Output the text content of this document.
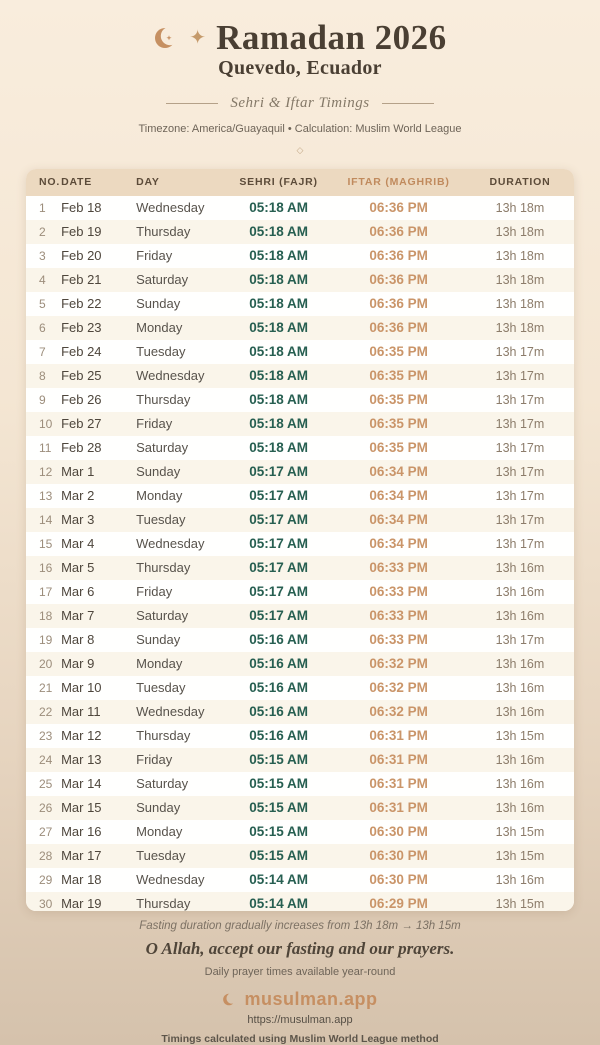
✦ Ramadan 2026
Quevedo, Ecuador
Sehri & Iftar Timings
Timezone: America/Guayaquil • Calculation: Muslim World League
◇
NO.	DATE	DAY	SEHRI (FAJR)	IFTAR (MAGHRIB)	DURATION
1	Feb 18	Wednesday	05:18 AM	06:36 PM	13h 18m
2	Feb 19	Thursday	05:18 AM	06:36 PM	13h 18m
3	Feb 20	Friday	05:18 AM	06:36 PM	13h 18m
4	Feb 21	Saturday	05:18 AM	06:36 PM	13h 18m
5	Feb 22	Sunday	05:18 AM	06:36 PM	13h 18m
6	Feb 23	Monday	05:18 AM	06:36 PM	13h 18m
7	Feb 24	Tuesday	05:18 AM	06:35 PM	13h 17m
8	Feb 25	Wednesday	05:18 AM	06:35 PM	13h 17m
9	Feb 26	Thursday	05:18 AM	06:35 PM	13h 17m
10	Feb 27	Friday	05:18 AM	06:35 PM	13h 17m
11	Feb 28	Saturday	05:18 AM	06:35 PM	13h 17m
12	Mar 1	Sunday	05:17 AM	06:34 PM	13h 17m
13	Mar 2	Monday	05:17 AM	06:34 PM	13h 17m
14	Mar 3	Tuesday	05:17 AM	06:34 PM	13h 17m
15	Mar 4	Wednesday	05:17 AM	06:34 PM	13h 17m
16	Mar 5	Thursday	05:17 AM	06:33 PM	13h 16m
17	Mar 6	Friday	05:17 AM	06:33 PM	13h 16m
18	Mar 7	Saturday	05:17 AM	06:33 PM	13h 16m
19	Mar 8	Sunday	05:16 AM	06:33 PM	13h 17m
20	Mar 9	Monday	05:16 AM	06:32 PM	13h 16m
21	Mar 10	Tuesday	05:16 AM	06:32 PM	13h 16m
22	Mar 11	Wednesday	05:16 AM	06:32 PM	13h 16m
23	Mar 12	Thursday	05:16 AM	06:31 PM	13h 15m
24	Mar 13	Friday	05:15 AM	06:31 PM	13h 16m
25	Mar 14	Saturday	05:15 AM	06:31 PM	13h 16m
26	Mar 15	Sunday	05:15 AM	06:31 PM	13h 16m
27	Mar 16	Monday	05:15 AM	06:30 PM	13h 15m
28	Mar 17	Tuesday	05:15 AM	06:30 PM	13h 15m
29	Mar 18	Wednesday	05:14 AM	06:30 PM	13h 16m
30	Mar 19	Thursday	05:14 AM	06:29 PM	13h 15m
Fasting duration gradually increases from 13h 18m → 13h 15m
O Allah, accept our fasting and our prayers.
Daily prayer times available year-round
musulman.app
https://musulman.app
Timings calculated using Muslim World League method
